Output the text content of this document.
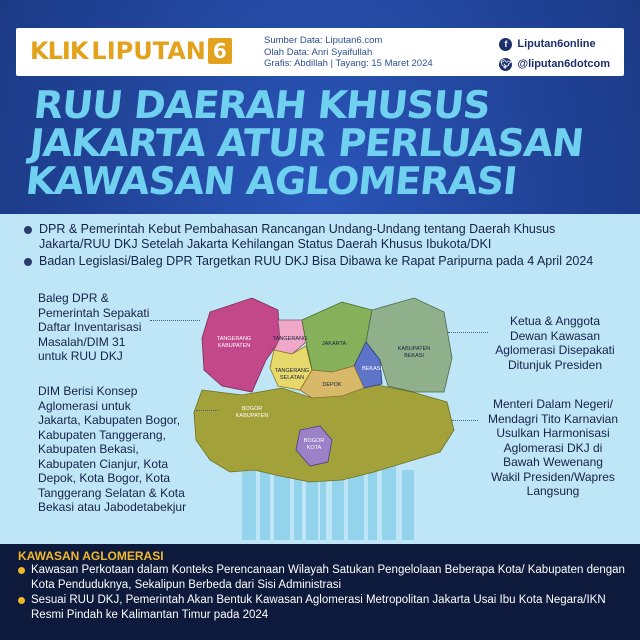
KLIK LIPUTAN 6	Sumber Data: Liputan6.com
Olah Data: Anri Syaiful​lah
Grafis: Abdillah | Tayang: 15 Maret 2024
f Liputan6online
🐦︎ @liputan6dotcom
RUU DAERAH KHUSUS
JAKARTA ATUR PERLUASAN
KAWASAN AGLOMERASI
DPR & Pemerintah Kebut Pembahasan Rancangan Undang-Undang tentang Daerah Khusus Jakarta/RUU DKJ Setelah Jakarta Kehilangan Status Daerah Khusus Ibukota/DKI
Badan Legislasi/Baleg DPR Targetkan RUU DKJ Bisa Dibawa ke Rapat Paripurna pada 4 April 2024
TANGERANG
KABUPATEN
TANGERANG
TANGERANG
SELATAN
JAKARTA
BEKASI
KABUPATEN
BEKASI
DEPOK
BOGOR
KABUPATEN
BOGOR
KOTA
Baleg DPR &
Pemerintah Sepakati
Daftar Inventarisasi
Masalah/DIM 31
untuk RUU DKJ
DIM Berisi Konsep
Aglomerasi untuk
Jakarta, Kabupaten Bogor,
Kabupaten Tanggerang,
Kabupaten Bekasi,
Kabupaten Cianjur, Kota
Depok, Kota Bogor, Kota
Tanggerang Selatan & Kota
Bekasi atau Jabodetabekjur
Ketua & Anggota
Dewan Kawasan
Aglomerasi Disepakati
Ditunjuk Presiden
Menteri Dalam Negeri/
Mendagri Tito Karnavian
Usulkan Harmonisasi
Aglomerasi DKJ di
Bawah Wewenang
Wakil Presiden/Wapres
Langsung
KAWASAN AGLOMERASI
Kawasan Perkotaan dalam Konteks Perencanaan Wilayah Satukan Pengelolaan Beberapa Kota/ Kabupaten dengan Kota Penduduknya, Sekalipun Berbeda dari Sisi Administrasi
Sesuai RUU DKJ, Pemerintah Akan Bentuk Kawasan Aglomerasi Metropolitan Jakarta Usai Ibu Kota Negara/IKN Resmi Pindah ke Kalimantan Timur pada 2024
